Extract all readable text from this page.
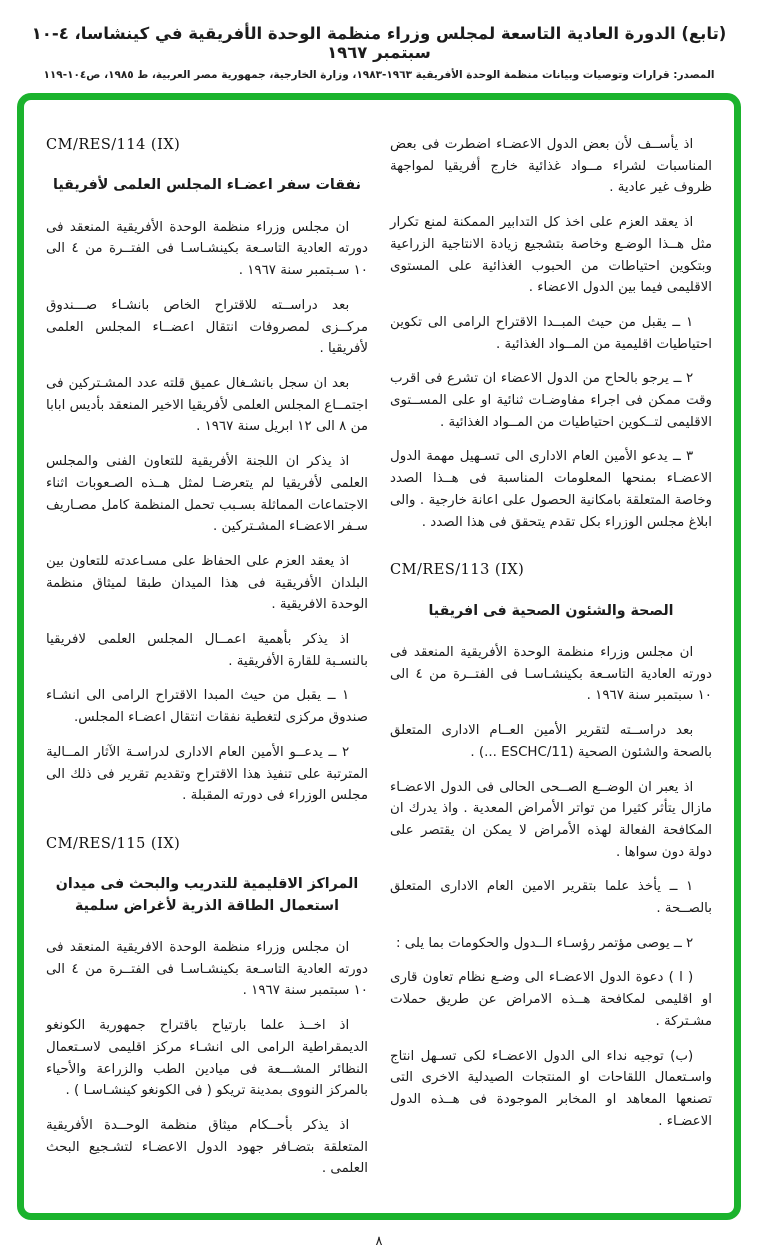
(تابع) الدورة العادية التاسعة لمجلس وزراء منظمة الوحدة الأفريقية في كينشاسا، ٤-١٠ سبتمبر ١٩٦٧
المصدر: قرارات وتوصيات وبيانات منظمة الوحدة الأفريقية ١٩٦٣-١٩٨٣، وزارة الخارجية، جمهورية مصر العربية، ط ١٩٨٥، ص١٠٤-١١٩

اذ يأســف لأن بعض الدول الاعضـاء اضطرت فى بعض المناسبات لشراء مــواد غذائية خارج أفريقيا لمواجهة ظروف غير عادية .

اذ يعقد العزم على اخذ كل التدابير الممكنة لمنع تكرار مثل هــذا الوضـع وخاصة بتشجيع زيادة الانتاجية الزراعية وبتكوين احتياطات من الحبوب الغذائية على المستوى الاقليمى فيما بين الدول الاعضاء .

١ ــ يقبل من حيث المبــدا الاقتراح الرامى الى تكوين احتياطيات اقليمية من المــواد الغذائية .

٢ ــ يرجو بالحاح من الدول الاعضاء ان تشرع فى اقرب وقت ممكن فى اجراء مفاوضـات ثنائية او على المســتوى الاقليمى لتــكوين احتياطيات من المــواد الغذائية .

٣ ــ يدعو الأمين العام الادارى الى تسـهيل مهمة الدول الاعضـاء بمنحها المعلومات المناسبة فى هــذا الصدد وخاصة المتعلقة بامكانية الحصول على اعانة خارجية . والى ابلاغ مجلس الوزراء بكل تقدم يتحقق فى هذا الصدد .

CM/RES/113 (IX)
الصحة والشئون الصحية فى افريقيا

ان مجلس وزراء منظمة الوحدة الأفريقية المنعقد فى دورته العادية التاسـعة بكينشـاسـا فى الفتــرة من ٤ الى ١٠ سبتمبر سنة ١٩٦٧ .

بعد دراســته لتقرير الأمين العــام الادارى المتعلق بالصحة والشئون الصحية (ESCHC/11 ...) .

اذ يعبر ان الوضــع الصــحى الحالى فى الدول الاعضـاء مازال يتأثر كثيرا من تواتر الأمراض المعدية . واذ يدرك ان المكافحة الفعالة لهذه الأمراض لا يمكن ان يقتصر على دولة دون سواها .

١ ــ يأخذ علما بتقرير الامين العام الادارى المتعلق بالصــحة .

٢ ــ يوصى مؤتمر رؤسـاء الــدول والحكومات بما يلى :

( ا ) دعوة الدول الاعضـاء الى وضـع نظام تعاون قارى او اقليمى لمكافحة هــذه الامراض عن طريق حملات مشـتركة .

(ب) توجيه نداء الى الدول الاعضـاء لكى تسـهل انتاج واسـتعمال اللقاحات او المنتجات الصيدلية الاخرى التى تصنعها المعاهد او المخابر الموجودة فى هــذه الدول الاعضـاء .

CM/RES/114 (IX)
نفقات سفر اعضـاء المجلس العلمى لأفريقيا

ان مجلس وزراء منظمة الوحدة الأفريقية المنعقد فى دورته العادية التاسـعة بكينشـاسـا فى الفتــرة من ٤ الى ١٠ سـبتمبر سنة ١٩٦٧ .

بعد دراســته للاقتراح الخاص بانشـاء صـــندوق مركــزى لمصروفات انتقال اعضــاء المجلس العلمى لأفريقيا .

بعد ان سجل بانشـغال عميق قلته عدد المشـتركين فى اجتمــاع المجلس العلمى لأفريقيا الاخير المنعقد بأديس ابابا من ٨ الى ١٢ ابريل سنة ١٩٦٧ .

اذ يذكر ان اللجنة الأفريقية للتعاون الفنى والمجلس العلمى لأفريقيا لم يتعرضـا لمثل هــذه الصـعوبات اثناء الاجتماعات المماثلة بسـبب تحمل المنظمة كامل مصـاريف سـفر الاعضـاء المشـتركين .

اذ يعقد العزم على الحفاظ على مسـاعدته للتعاون بين البلدان الأفريقية فى هذا الميدان طبقا لميثاق منظمة الوحدة الافريقية .

اذ يذكر بأهمية اعمــال المجلس العلمى لافريقيا بالنسـبة للقارة الأفريقية .

١ ــ يقبل من حيث المبدا الاقتراح الرامى الى انشـاء صندوق مركزى لتغطية نفقات انتقال اعضـاء المجلس.

٢ ــ يدعــو الأمين العام الادارى لدراسـة الآثار المــالية المترتبة على تنفيذ هذا الاقتراح وتقديم تقرير فى ذلك الى مجلس الوزراء فى دورته المقبلة .

CM/RES/115 (IX)
المراكز الاقليمية للتدريب والبحث فى ميدان استعمال الطاقة الذرية لأغراض سلمية

ان مجلس وزراء منظمة الوحدة الافريقية المنعقد فى دورته العادية التاسـعة بكينشـاسـا فى الفتــرة من ٤ الى ١٠ سبتمبر سنة ١٩٦٧ .

اذ اخــذ علما بارتياح باقتراح جمهورية الكونغو الديمقراطية الرامى الى انشـاء مركز اقليمى لاسـتعمال النظائر المشـــعة فى ميادين الطب والزراعة والأحياء بالمركز النووى بمدينة تريكو ( فى الكونغو كينشـاسـا ) .

اذ يذكر بأحــكام ميثاق منظمة الوحــدة الأفريقية المتعلقة بتضـافر جهود الدول الاعضـاء لتشـجيع البحث العلمى .

٨
